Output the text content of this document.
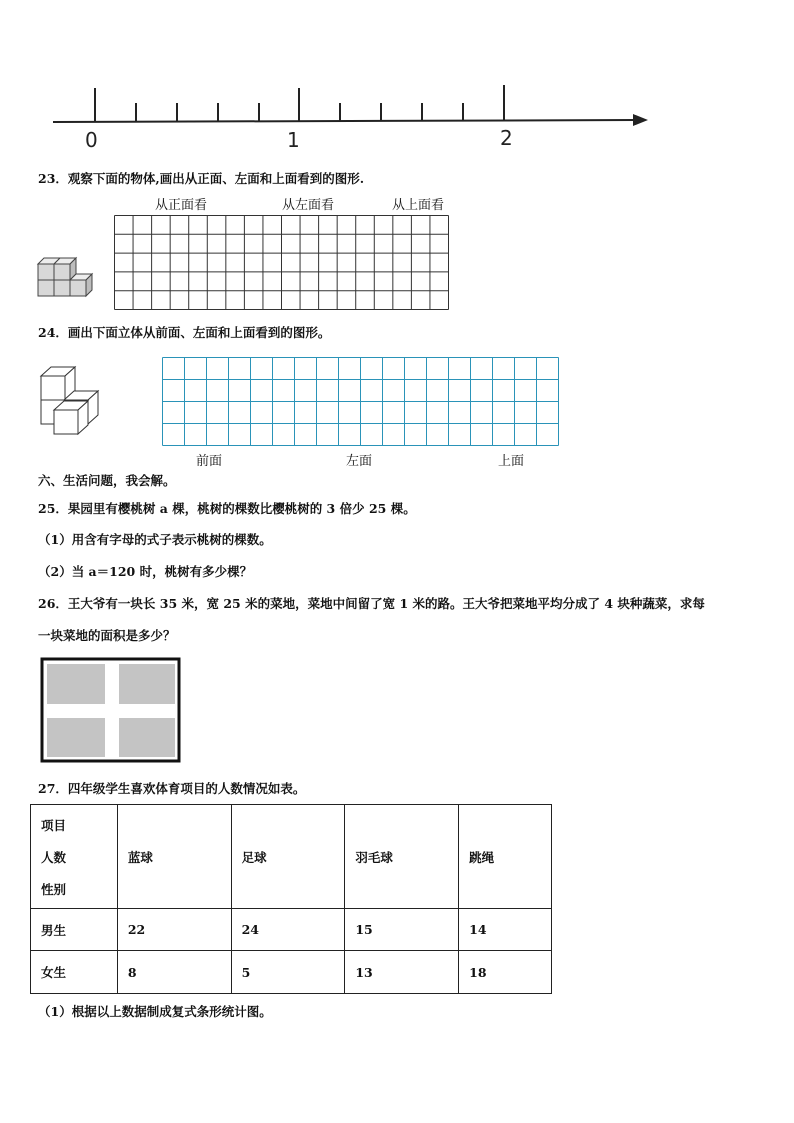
0	1	2
23．观察下面的物体,画出从正面、左面和上面看到的图形.
从正面看	从左面看	从上面看
24．画出下面立体从前面、左面和上面看到的图形。
前面	左面	上面
六、生活问题，我会解。
25．果园里有樱桃树 a 棵，桃树的棵数比樱桃树的 3 倍少 25 棵。
（1）用含有字母的式子表示桃树的棵数。
（2）当 a＝120 时，桃树有多少棵？
26．王大爷有一块长 35 米，宽 25 米的菜地，菜地中间留了宽 1 米的路。王大爷把菜地平均分成了 4 块种蔬菜，求每
一块菜地的面积是多少？
27．四年级学生喜欢体育项目的人数情况如表。
项目
人数
性别	蓝球	足球	羽毛球	跳绳
男生	22	24	15	14
女生	8	5	13	18
（1）根据以上数据制成复式条形统计图。
